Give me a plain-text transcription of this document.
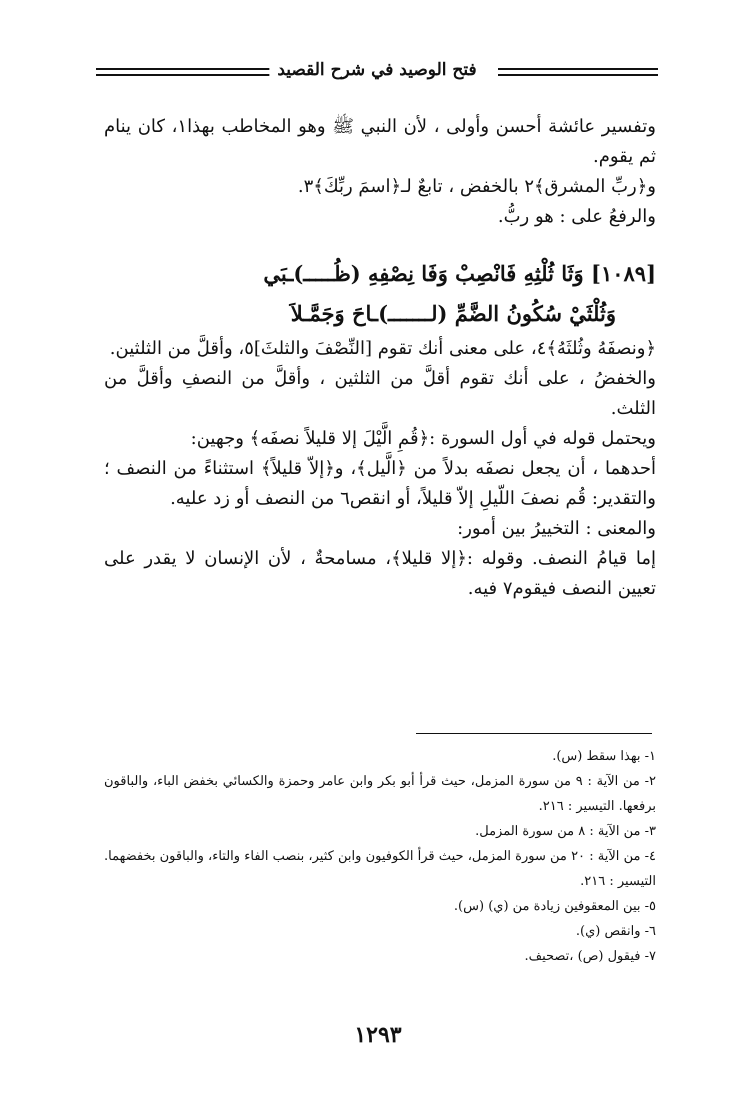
فتح الوصيد في شرح القصيد

وتفسير عائشة أحسن وأولى ، لأن النبي ﷺ وهو المخاطب بهذا١، كان ينام ثم يقوم.

و﴿ربِّ المشرق﴾٢ بالخفض ، تابعٌ لـ﴿اسمَ ربِّكَ﴾٣.

والرفعُ على : هو ربُّ.

[١٠٨٩] وَثَا ثُلْثِهِ فَانْصِبْ وَفَا نِصْفِهِ (ظُـــــ)ـبَي

وَثُلْثَيْ سُكُونُ الضَّمِّ (لـــــــ)ـاحَ وَجَمَّـلاَ

﴿ونصفَهُ وثُلثَهُ﴾٤، على معنى أنك تقوم [النِّصْفَ والثلثَ]٥، وأقلَّ من الثلثين.

والخفضُ ، على أنك تقوم أقلَّ من الثلثين ، وأقلَّ من النصفِ وأقلَّ من الثلث.

ويحتمل قوله في أول السورة :﴿قُمِ الَّيْلَ إلا قليلاً نصفَه﴾ وجهين:

أحدهما ، أن يجعل نصفَه بدلاً من ﴿الَّيل﴾، و﴿إلاّ قليلاً﴾ استثناءً من النصف ؛ والتقدير: قُم نصفَ اللّيلِ إلاّ قليلاً، أو انقص٦ من النصف أو زد عليه.

والمعنى : التخييرُ بين أمور:

إما قيامُ النصف. وقوله :﴿إلا قليلا﴾، مسامحةٌ ، لأن الإنسان لا يقدر على تعيين النصف فيقوم٧ فيه.

١- بهذا سقط (س).

٢- من الآية : ٩ من سورة المزمل، حيث قرأ أبو بكر وابن عامر وحمزة والكسائي بخفض الباء، والباقون برفعها. التيسير : ٢١٦.

٣- من الآية : ٨ من سورة المزمل.

٤- من الآية : ٢٠ من سورة المزمل، حيث قرأ الكوفيون وابن كثير، بنصب الفاء والتاء، والباقون بخفضهما. التيسير : ٢١٦.

٥- بين المعقوفين زيادة من (ي) (س).

٦- وانقص (ي).

٧- فيقول (ص) ،تصحيف.

١٢٩٣
